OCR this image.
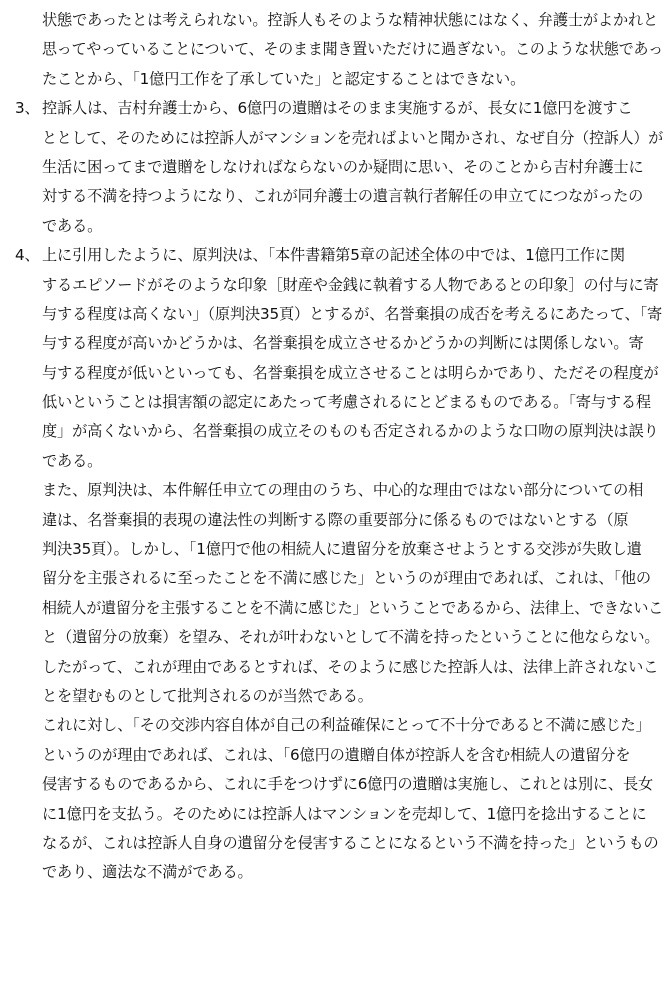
状態であったとは考えられない。控訴人もそのような精神状態にはなく、弁護士がよかれと
思ってやっていることについて、そのまま聞き置いただけに過ぎない。このような状態であっ
たことから、「1億円工作を了承していた」と認定することはできない。
3、 控訴人は、吉村弁護士から、6億円の遺贈はそのまま実施するが、長女に1億円を渡すこ
ととして、そのためには控訴人がマンションを売ればよいと聞かされ、なぜ自分（控訴人）が
生活に困ってまで遺贈をしなければならないのか疑問に思い、そのことから吉村弁護士に
対する不満を持つようになり、これが同弁護士の遺言執行者解任の申立てにつながったの
である。
4、 上に引用したように、原判決は、「本件書籍第5章の記述全体の中では、1億円工作に関
するエピソードがそのような印象［財産や金銭に執着する人物であるとの印象］の付与に寄
与する程度は高くない」（原判決35頁）とするが、名誉棄損の成否を考えるにあたって、「寄
与する程度が高いかどうかは、名誉棄損を成立させるかどうかの判断には関係しない。寄
与する程度が低いといっても、名誉棄損を成立させることは明らかであり、ただその程度が
低いということは損害額の認定にあたって考慮されるにとどまるものである。「寄与する程
度」が高くないから、名誉棄損の成立そのものも否定されるかのような口吻の原判決は誤り
である。
また、原判決は、本件解任申立ての理由のうち、中心的な理由ではない部分についての相
違は、名誉棄損的表現の違法性の判断する際の重要部分に係るものではないとする（原
判決35頁）。しかし、「1億円で他の相続人に遺留分を放棄させようとする交渉が失敗し遺
留分を主張されるに至ったことを不満に感じた」というのが理由であれば、これは、「他の
相続人が遺留分を主張することを不満に感じた」ということであるから、法律上、できないこ
と（遺留分の放棄）を望み、それが叶わないとして不満を持ったということに他ならない。
したがって、これが理由であるとすれば、そのように感じた控訴人は、法律上許されないこ
とを望むものとして批判されるのが当然である。
これに対し、「その交渉内容自体が自己の利益確保にとって不十分であると不満に感じた」
というのが理由であれば、これは、「6億円の遺贈自体が控訴人を含む相続人の遺留分を
侵害するものであるから、これに手をつけずに6億円の遺贈は実施し、これとは別に、長女
に1億円を支払う。そのためには控訴人はマンションを売却して、1億円を捻出することに
なるが、これは控訴人自身の遺留分を侵害することになるという不満を持った」というもの
であり、適法な不満がである。
